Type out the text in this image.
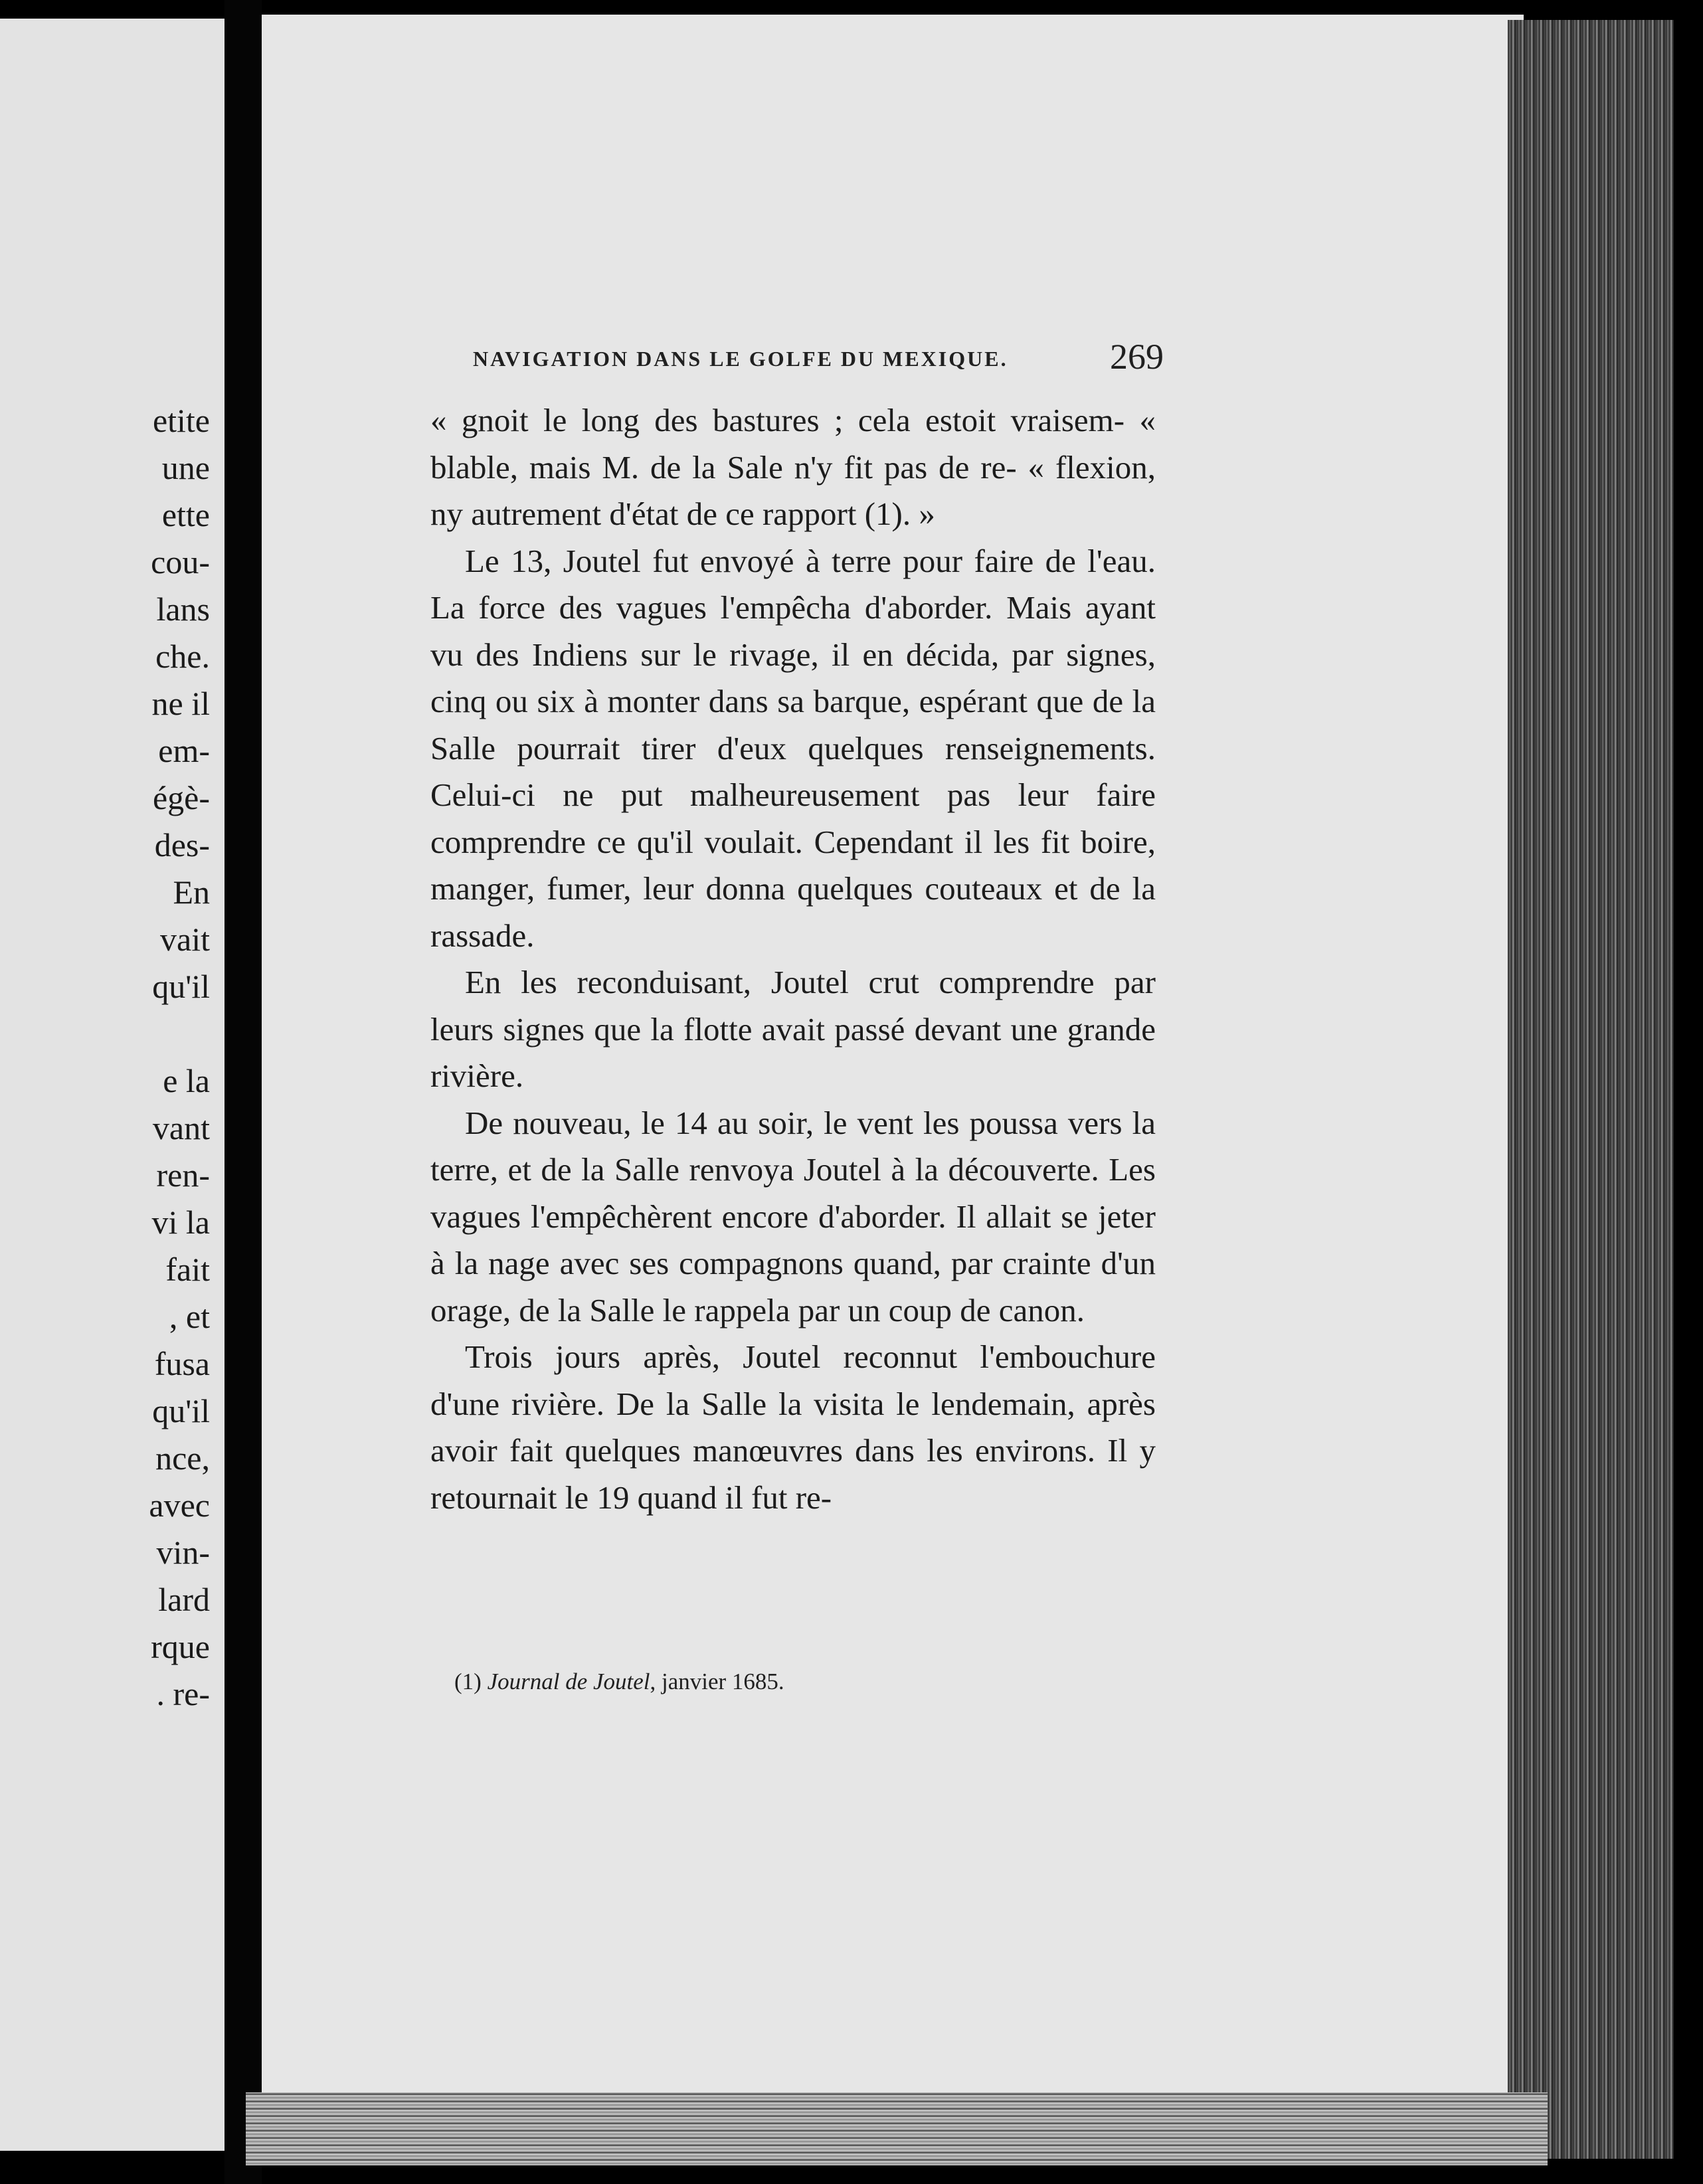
etite
une
ette
cou-
lans
che.
ne il
em-
égè-
des-
En
vait
qu'il
e la
vant
ren-
vi la
fait
, et
fusa
qu'il
nce,
avec
vin-
lard
rque
. re-
NAVIGATION DANS LE GOLFE DU MEXIQUE.	269

« gnoit le long des bastures ; cela estoit vraisem- « blable, mais M. de la Sale n'y fit pas de re- « flexion, ny autrement d'état de ce rapport (1). »

Le 13, Joutel fut envoyé à terre pour faire de l'eau. La force des vagues l'empêcha d'aborder. Mais ayant vu des Indiens sur le rivage, il en décida, par signes, cinq ou six à monter dans sa barque, espérant que de la Salle pourrait tirer d'eux quelques renseignements. Celui-ci ne put malheureusement pas leur faire comprendre ce qu'il voulait. Cependant il les fit boire, manger, fumer, leur donna quelques couteaux et de la rassade.

En les reconduisant, Joutel crut comprendre par leurs signes que la flotte avait passé devant une grande rivière.

De nouveau, le 14 au soir, le vent les poussa vers la terre, et de la Salle renvoya Joutel à la découverte. Les vagues l'empêchèrent encore d'aborder. Il allait se jeter à la nage avec ses compagnons quand, par crainte d'un orage, de la Salle le rappela par un coup de canon.

Trois jours après, Joutel reconnut l'embouchure d'une rivière. De la Salle la visita le lendemain, après avoir fait quelques manœuvres dans les environs. Il y retournait le 19 quand il fut re-

(1) Journal de Joutel, janvier 1685.
